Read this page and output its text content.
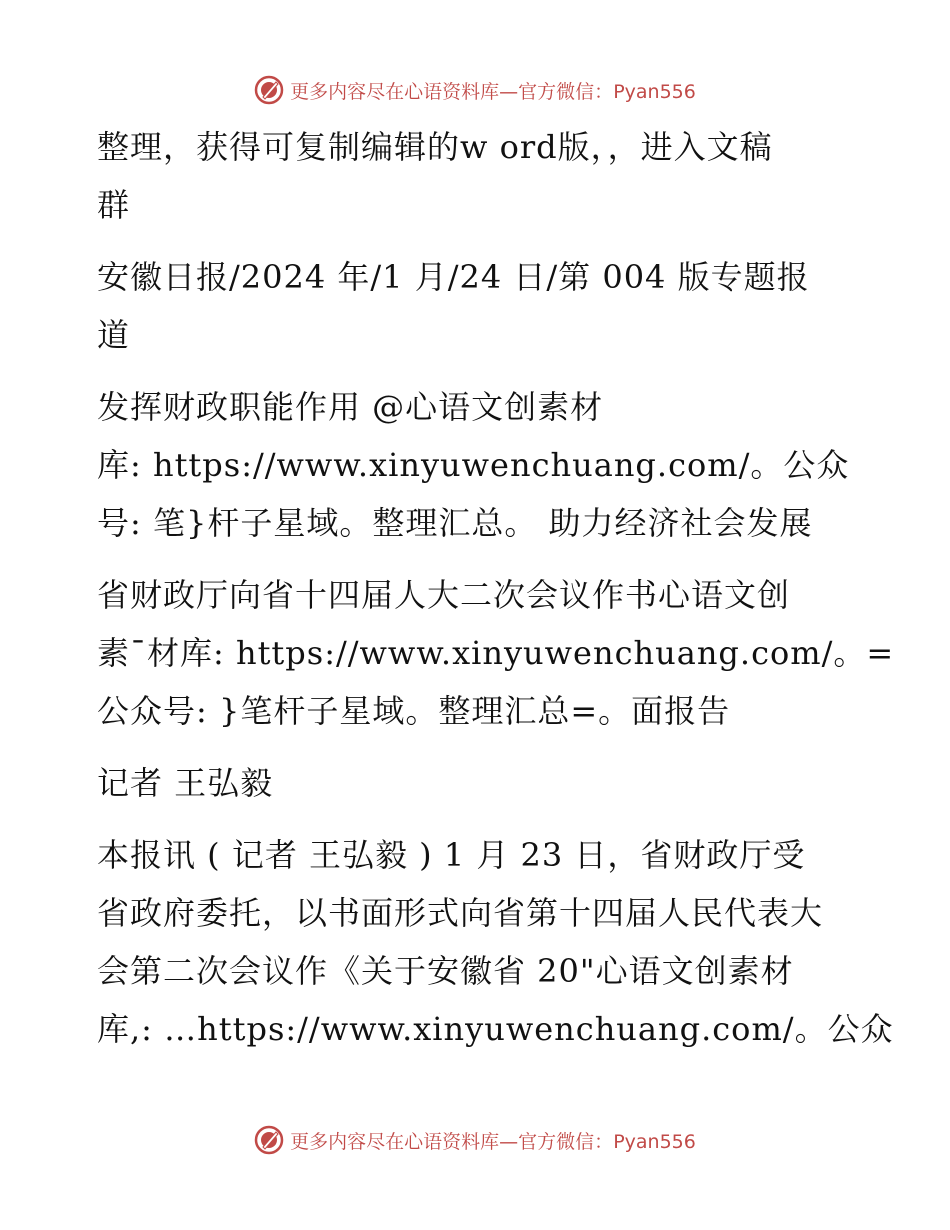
更多内容尽在心语资料库—官方微信：Pyan556

整理，获得可复制编辑的w ord版，，进入文稿
群

安徽日报/2024 年/1 月/24 日/第 004 版专题报
道

发挥财政职能作用 @心语文创素材
库: https://www.xinyuwenchuang.com/。公众
号: 笔}杆子星域。整理汇总。 助力经济社会发展

省财政厅向省十四届人大二次会议作书心语文创
素¯材库: https://www.xinyuwenchuang.com/。=
公众号: }笔杆子星域。整理汇总=。面报告

记者 王弘毅

本报讯 ( 记者 王弘毅 ) 1 月 23 日，省财政厅受
省政府委托，以书面形式向省第十四届人民代表大
会第二次会议作《关于安徽省 20"心语文创素材
库,: …https://www.xinyuwenchuang.com/。公众

更多内容尽在心语资料库—官方微信：Pyan556
